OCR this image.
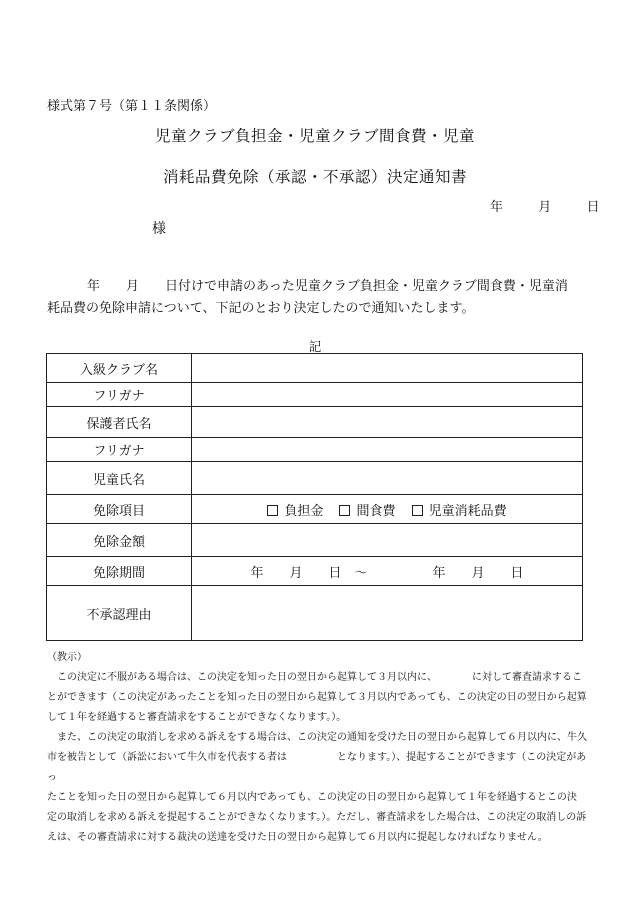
様式第７号（第１１条関係）
児童クラブ負担金・児童クラブ間食費・児童
消耗品費免除（承認・不承認）決定通知書
年	月	日
様
年　　月　　日付けで申請のあった児童クラブ負担金・児童クラブ間食費・児童消
耗品費の免除申請について、下記のとおり決定したので通知いたします。
記
入級クラブ名	
フリガナ	
保護者氏名	
フリガナ	
児童氏名	
免除項目	負担金 間食費 児童消耗品費
免除金額	
免除期間	年　　月　　日　～　　　　　年　　月　　日
不承認理由	

（教示）

この決定に不服がある場合は、この決定を知った日の翌日から起算して３月以内に、　　　　に対して審査請求するこ

とができます（この決定があったことを知った日の翌日から起算して３月以内であっても、この決定の日の翌日から起算

して１年を経過すると審査請求をすることができなくなります。）。

また、この決定の取消しを求める訴えをする場合は、この決定の通知を受けた日の翌日から起算して６月以内に、牛久

市を被告として（訴訟において牛久市を代表する者は　　　　　となります。）、提起することができます（この決定があっ

たことを知った日の翌日から起算して６月以内であっても、この決定の日の翌日から起算して１年を経過するとこの決

定の取消しを求める訴えを提起することができなくなります。）。ただし、審査請求をした場合は、この決定の取消しの訴

えは、その審査請求に対する裁決の送達を受けた日の翌日から起算して６月以内に提起しなければなりません。
